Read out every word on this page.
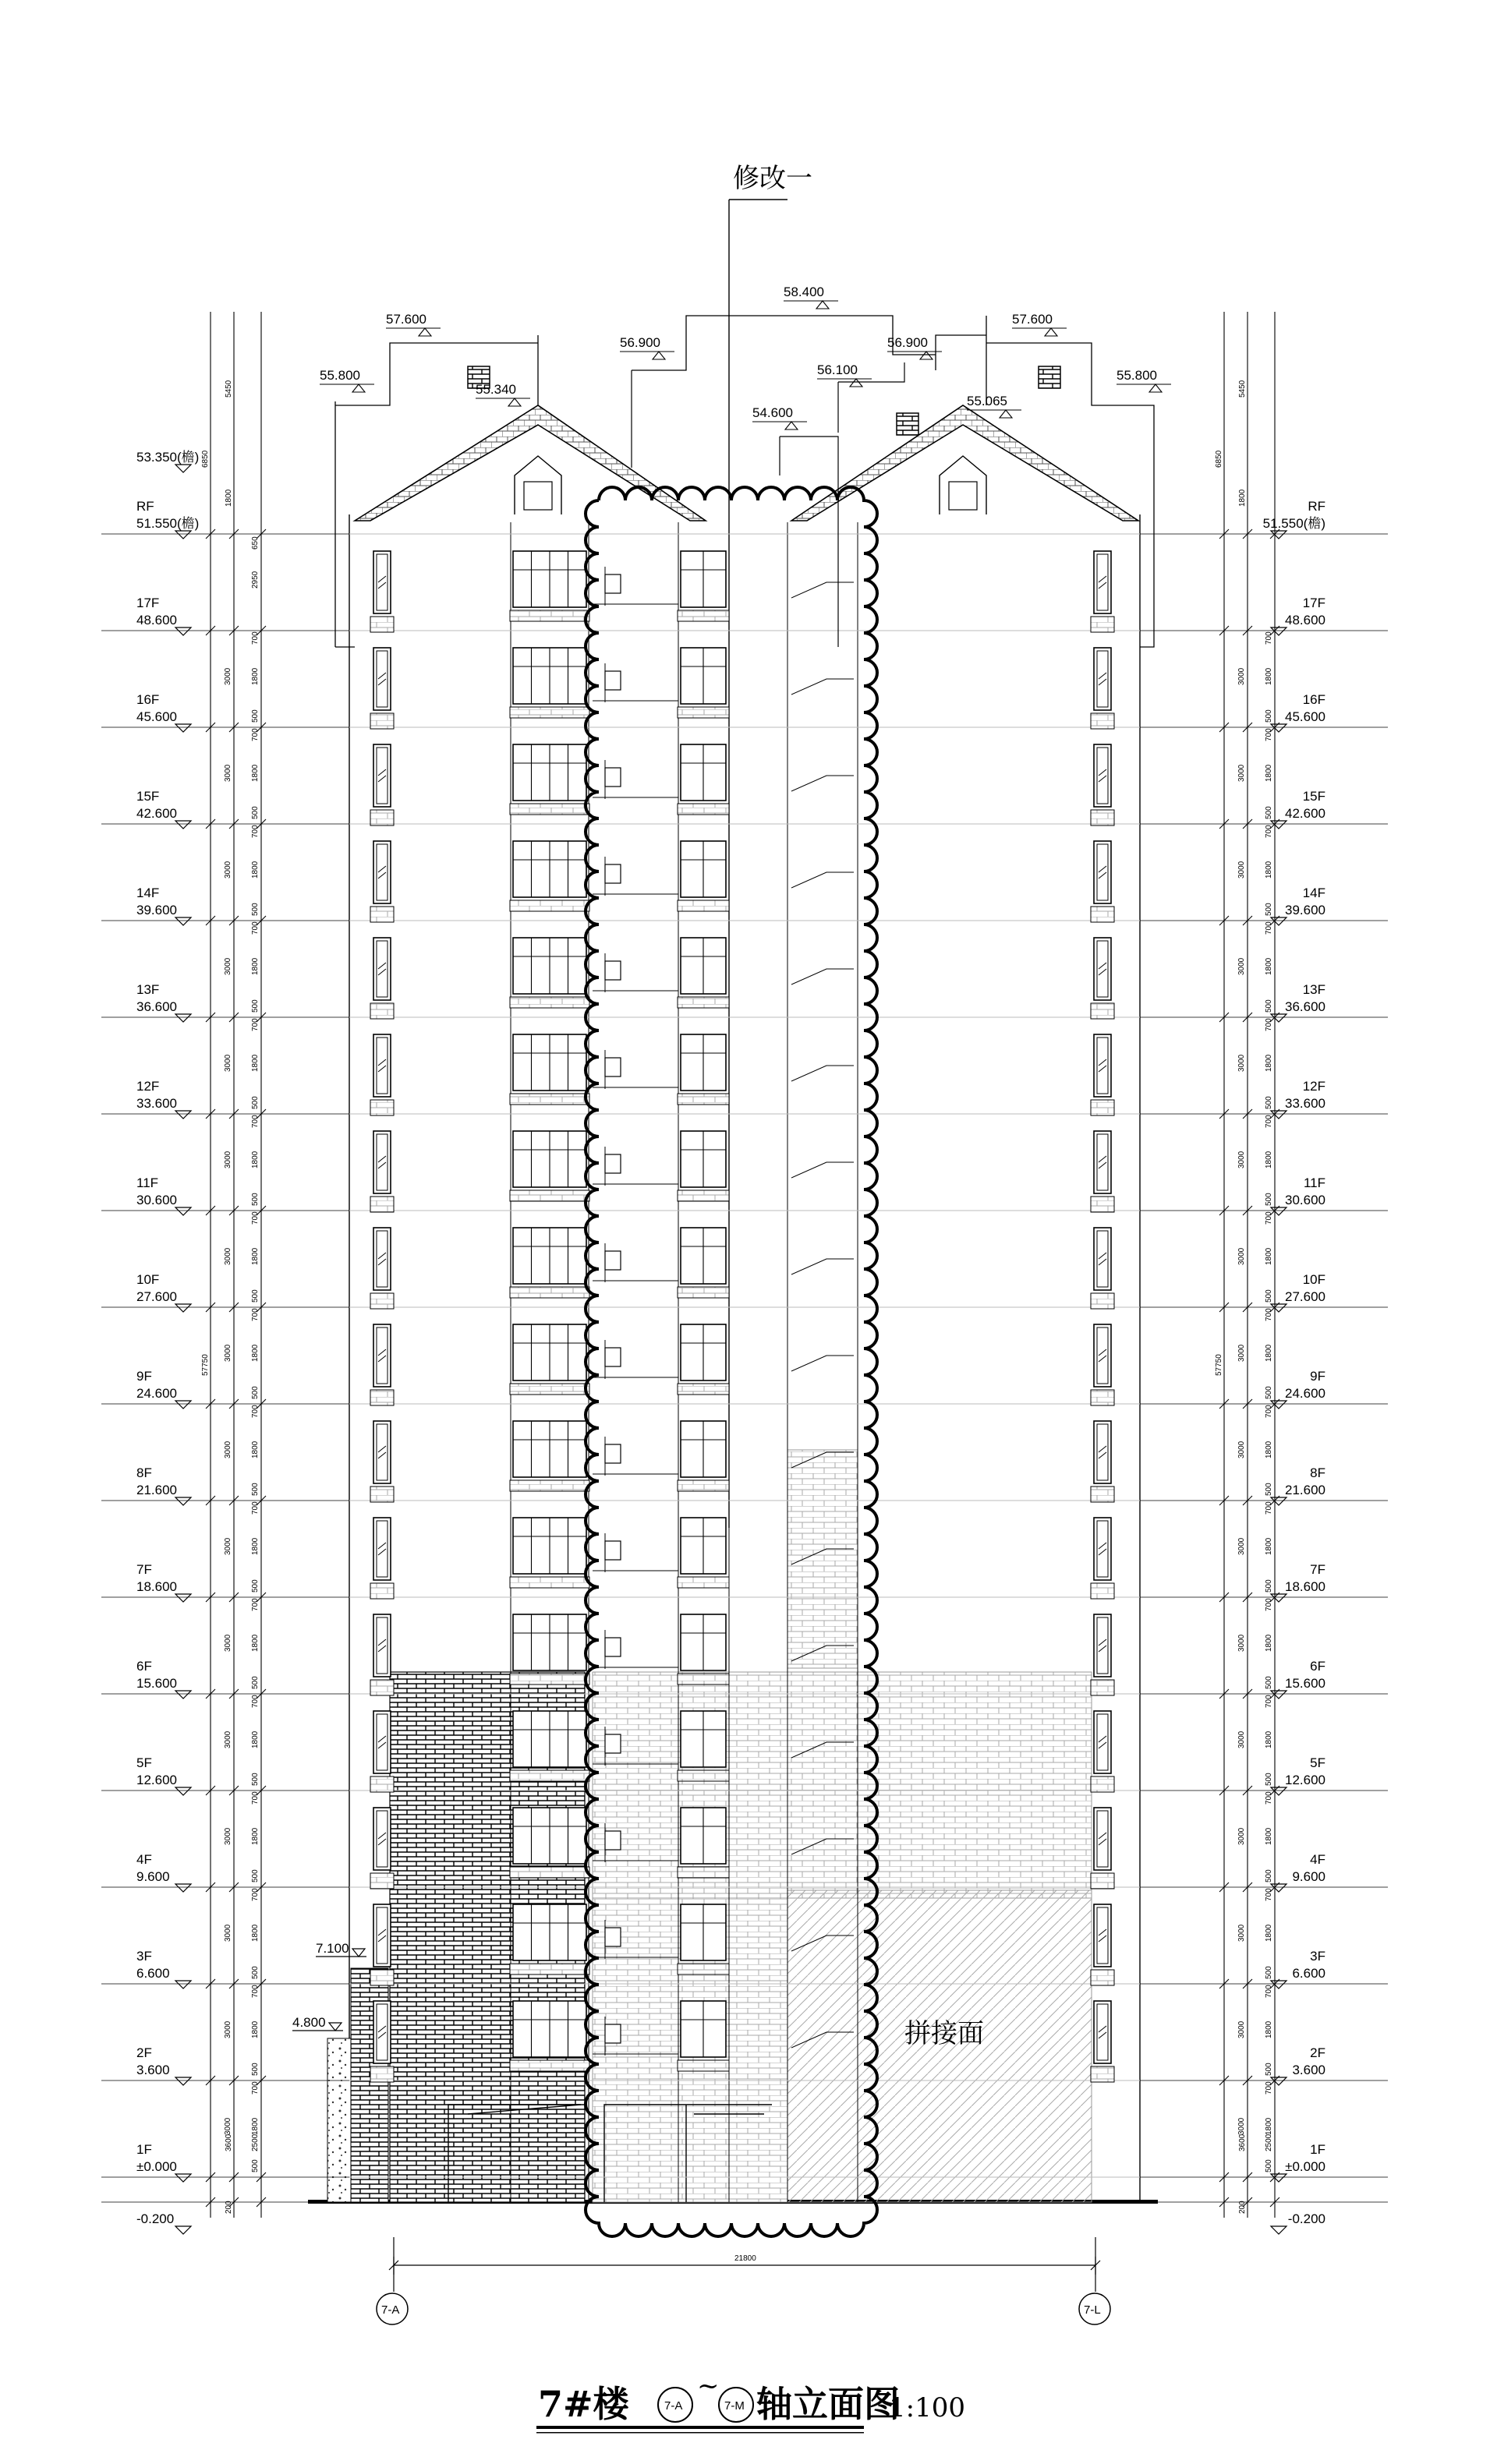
修改一
3000 1800	3000 1800
500
700
500
700
3000 1800	3000 1800
500
700
500
700
3000 1800	3000 1800
500
700
500
700
3000 1800	3000 1800
500
700
500
700
3000 1800	3000 1800
500
700
500
700
3000 1800	3000 1800
500
700
500
700
3000 1800	3000 1800
500
700
500
700
3000 1800	3000 1800
500
700
500
700
3000 1800	3000 1800
500
700
500
700
3000 1800	3000 1800
500
700
500
700
3000 1800	3000 1800
500
700
500
700
3000 1800	3000 1800
500
700
500
700
3000 1800	3000 1800
500
700
500
700
3000 1800	3000 1800
500
700
500
700
3000 1800	3000 1800
500
700
500
700
3000 1800	3000 1800
500
700
500
700
57750	57750
5450
1800
6850
650
2950
5450
1800
6850
3600 2500
200
3600 2500
200
57.600
55.800
55.340
56.900
58.400
56.900
56.100
54.600
55.065
57.600
55.800
53.350(檐)
RF
51.550(檐)
17F
48.600
16F
45.600
15F
42.600
14F
39.600
13F
36.600
12F
33.600
11F
30.600
10F
27.600
9F
24.600
8F
21.600
7F
18.600
6F
15.600
5F
12.600
4F
9.600
3F
6.600
2F
3.600
1F
±0.000
-0.200
RF
51.550(檐)
17F
48.600
16F
45.600
15F
42.600
14F
39.600
13F
36.600
12F
33.600
11F
30.600
10F
27.600
9F
24.600
8F
21.600
7F
18.600
6F
15.600
5F
12.600
4F
9.600
3F
6.600
2F
3.600
1F
±0.000
-0.200
拼接面
7.100
4.800
21800
7-A	7-L
7#楼	7-A
~
7-M 轴立面图
1:100
